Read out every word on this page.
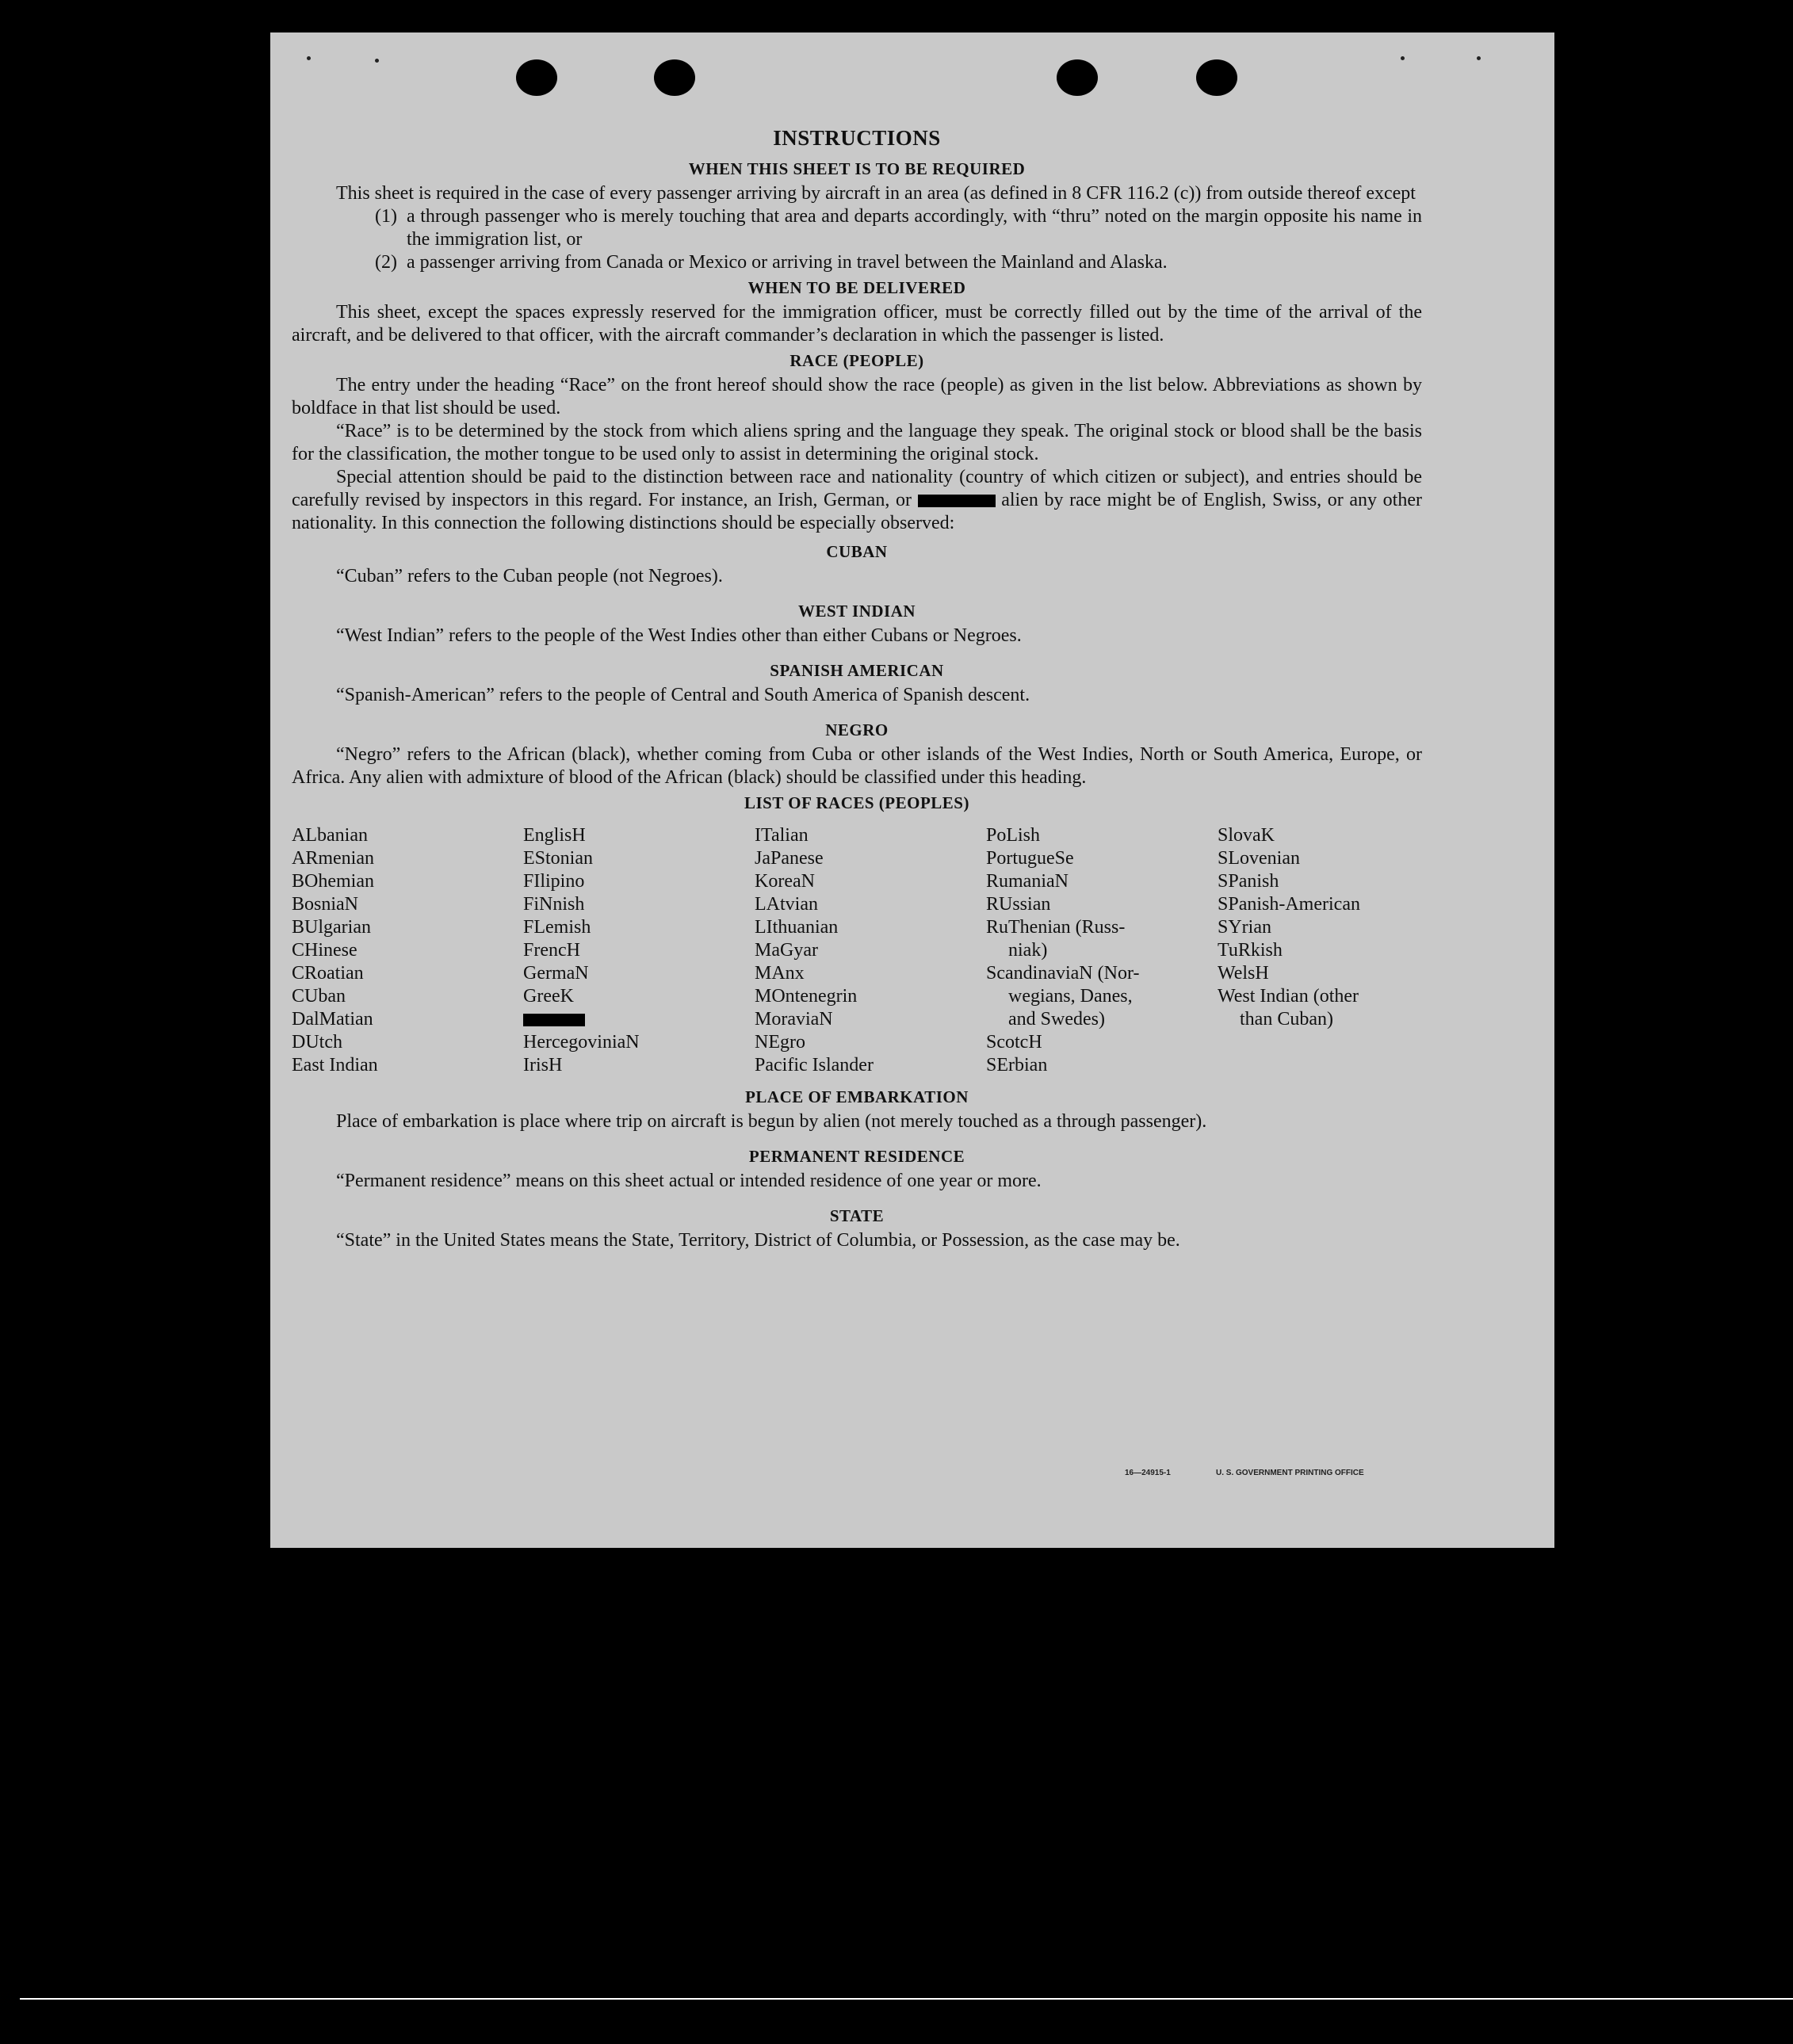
INSTRUCTIONS
WHEN THIS SHEET IS TO BE REQUIRED

This sheet is required in the case of every passenger arriving by aircraft in an area (as defined in 8 CFR 116.2 (c)) from outside thereof except

(1) a through passenger who is merely touching that area and departs accordingly, with “thru” noted on the margin opposite his name in the immigration list, or
(2) a passenger arriving from Canada or Mexico or arriving in travel between the Mainland and Alaska.
WHEN TO BE DELIVERED

This sheet, except the spaces expressly reserved for the immigration officer, must be correctly filled out by the time of the arrival of the aircraft, and be delivered to that officer, with the aircraft commander’s declaration in which the passenger is listed.

RACE (PEOPLE)

The entry under the heading “Race” on the front hereof should show the race (people) as given in the list below. Abbreviations as shown by boldface in that list should be used.

“Race” is to be determined by the stock from which aliens spring and the language they speak. The original stock or blood shall be the basis for the classification, the mother tongue to be used only to assist in determining the original stock.

Special attention should be paid to the distinction between race and nationality (country of which citizen or subject), and entries should be carefully revised by inspectors in this regard. For instance, an Irish, German, or	alien by race might be of English, Swiss, or any other nationality. In this connection the following distinctions should be especially observed:

CUBAN

“Cuban” refers to the Cuban people (not Negroes).

WEST INDIAN

“West Indian” refers to the people of the West Indies other than either Cubans or Negroes.

SPANISH AMERICAN

“Spanish-American” refers to the people of Central and South America of Spanish descent.

NEGRO

“Negro” refers to the African (black), whether coming from Cuba or other islands of the West Indies, North or South America, Europe, or Africa. Any alien with admixture of blood of the African (black) should be classified under this heading.

LIST OF RACES (PEOPLES)
ALbanian
ARmenian
BOhemian
BosniaN
BUlgarian
CHinese
CRoatian
CUban
DalMatian
DUtch
East Indian
EnglisH
EStonian
FIlipino
FiNnish
FLemish
FrencH
GermaN
GreeK
HercegoviniaN
IrisH
ITalian
JaPanese
KoreaN
LAtvian
LIthuanian
MaGyar
MAnx
MOntenegrin
MoraviaN
NEgro
Pacific Islander
PoLish
PortugueSe
RumaniaN
RUssian
RuThenian (Russ-
niak)
ScandinaviaN (Nor-
wegians, Danes,
and Swedes)
ScotcH
SErbian
SlovaK
SLovenian
SPanish
SPanish-American
SYrian
TuRkish
WelsH
West Indian (other
than Cuban)
PLACE OF EMBARKATION

Place of embarkation is place where trip on aircraft is begun by alien (not merely touched as a through passenger).

PERMANENT RESIDENCE

“Permanent residence” means on this sheet actual or intended residence of one year or more.

STATE

“State” in the United States means the State, Territory, District of Columbia, or Possession, as the case may be.

16—24915-1	U. S. GOVERNMENT PRINTING OFFICE
